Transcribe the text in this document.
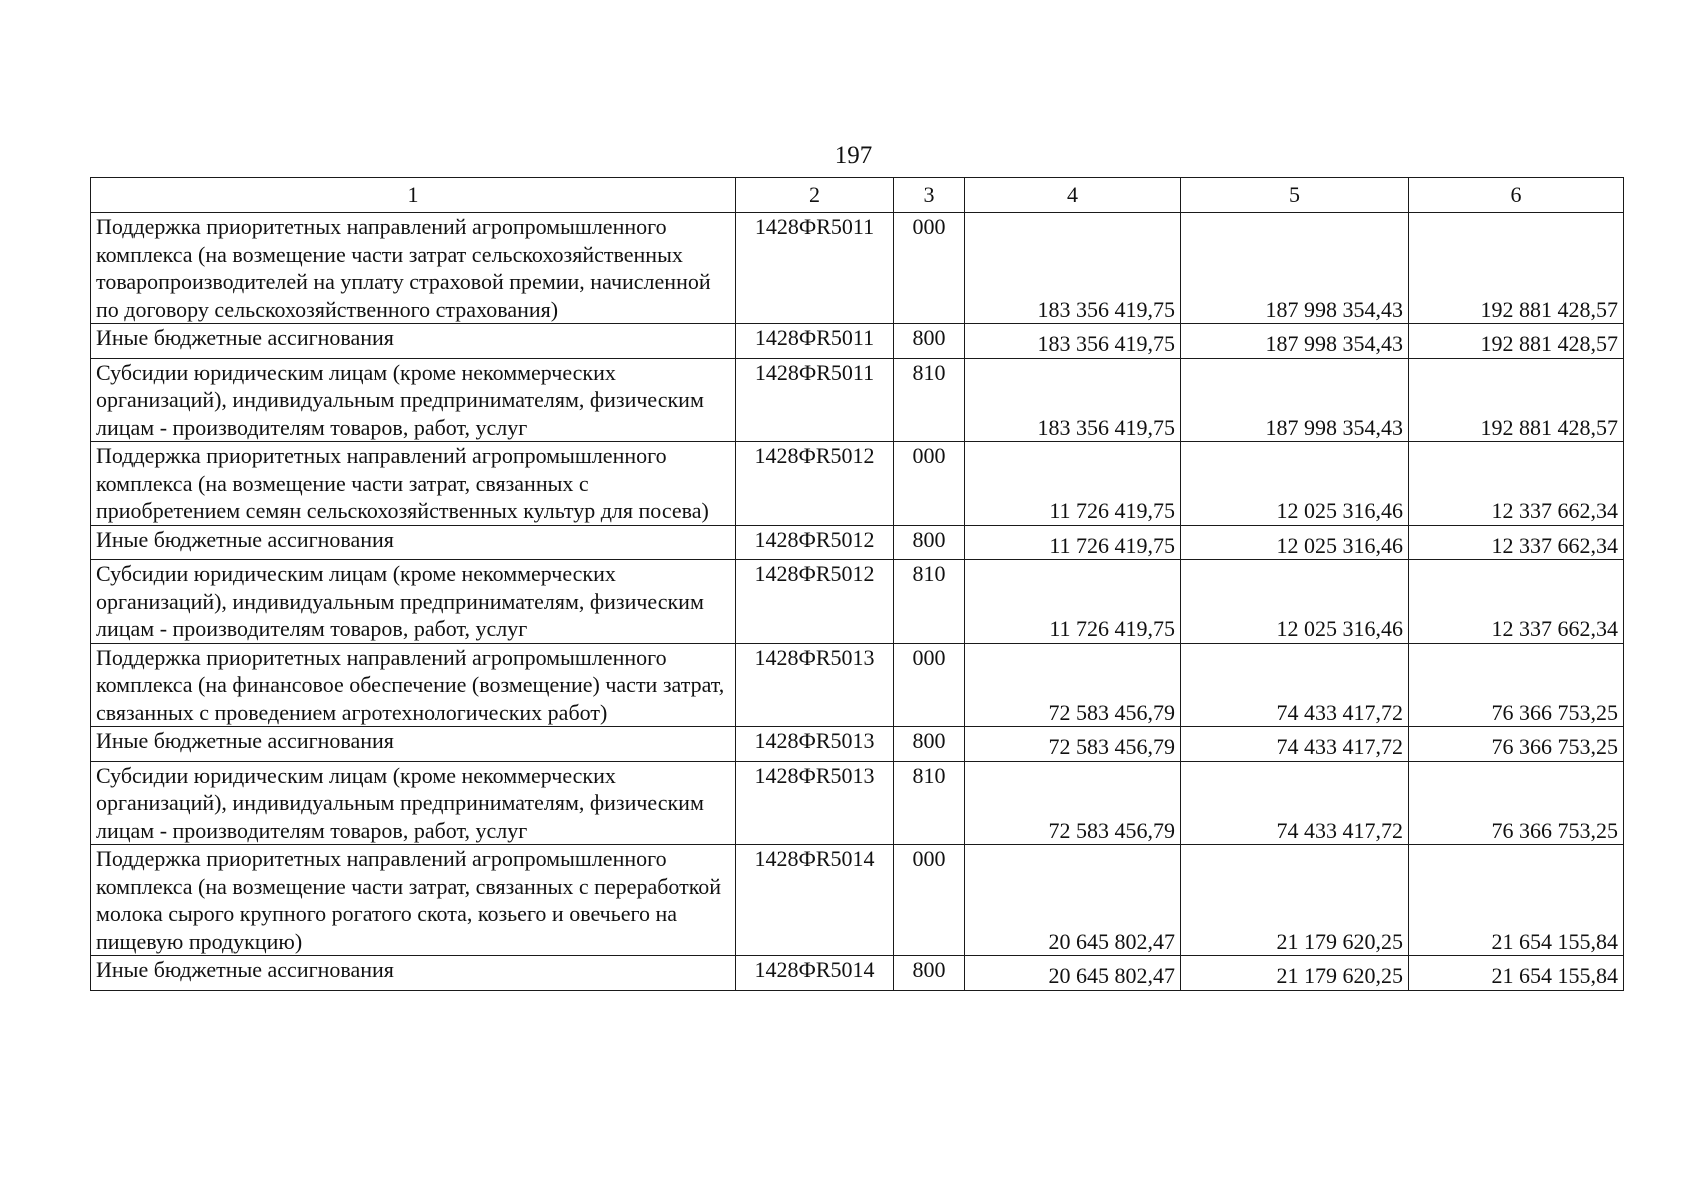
197
1	2	3	4	5	6
Поддержка приоритетных направлений агропромышленного комплекса (на возмещение части затрат сельскохозяйственных товаропроизводителей на уплату страховой премии, начисленной по договору сельскохозяйственного страхования)	1428ФR5011	000	183 356 419,75	187 998 354,43	192 881 428,57
Иные бюджетные ассигнования	1428ФR5011	800	183 356 419,75	187 998 354,43	192 881 428,57
Субсидии юридическим лицам (кроме некоммерческих организаций), индивидуальным предпринимателям, физическим лицам - производителям товаров, работ, услуг	1428ФR5011	810	183 356 419,75	187 998 354,43	192 881 428,57
Поддержка приоритетных направлений агропромышленного комплекса (на возмещение части затрат, связанных с приобретением семян сельскохозяйственных культур для посева)	1428ФR5012	000	11 726 419,75	12 025 316,46	12 337 662,34
Иные бюджетные ассигнования	1428ФR5012	800	11 726 419,75	12 025 316,46	12 337 662,34
Субсидии юридическим лицам (кроме некоммерческих организаций), индивидуальным предпринимателям, физическим лицам - производителям товаров, работ, услуг	1428ФR5012	810	11 726 419,75	12 025 316,46	12 337 662,34
Поддержка приоритетных направлений агропромышленного комплекса (на финансовое обеспечение (возмещение) части затрат, связанных с проведением агротехнологических работ)	1428ФR5013	000	72 583 456,79	74 433 417,72	76 366 753,25
Иные бюджетные ассигнования	1428ФR5013	800	72 583 456,79	74 433 417,72	76 366 753,25
Субсидии юридическим лицам (кроме некоммерческих организаций), индивидуальным предпринимателям, физическим лицам - производителям товаров, работ, услуг	1428ФR5013	810	72 583 456,79	74 433 417,72	76 366 753,25
Поддержка приоритетных направлений агропромышленного комплекса (на возмещение части затрат, связанных с переработкой молока сырого крупного рогатого скота, козьего и овечьего на пищевую продукцию)	1428ФR5014	000	20 645 802,47	21 179 620,25	21 654 155,84
Иные бюджетные ассигнования	1428ФR5014	800	20 645 802,47	21 179 620,25	21 654 155,84
